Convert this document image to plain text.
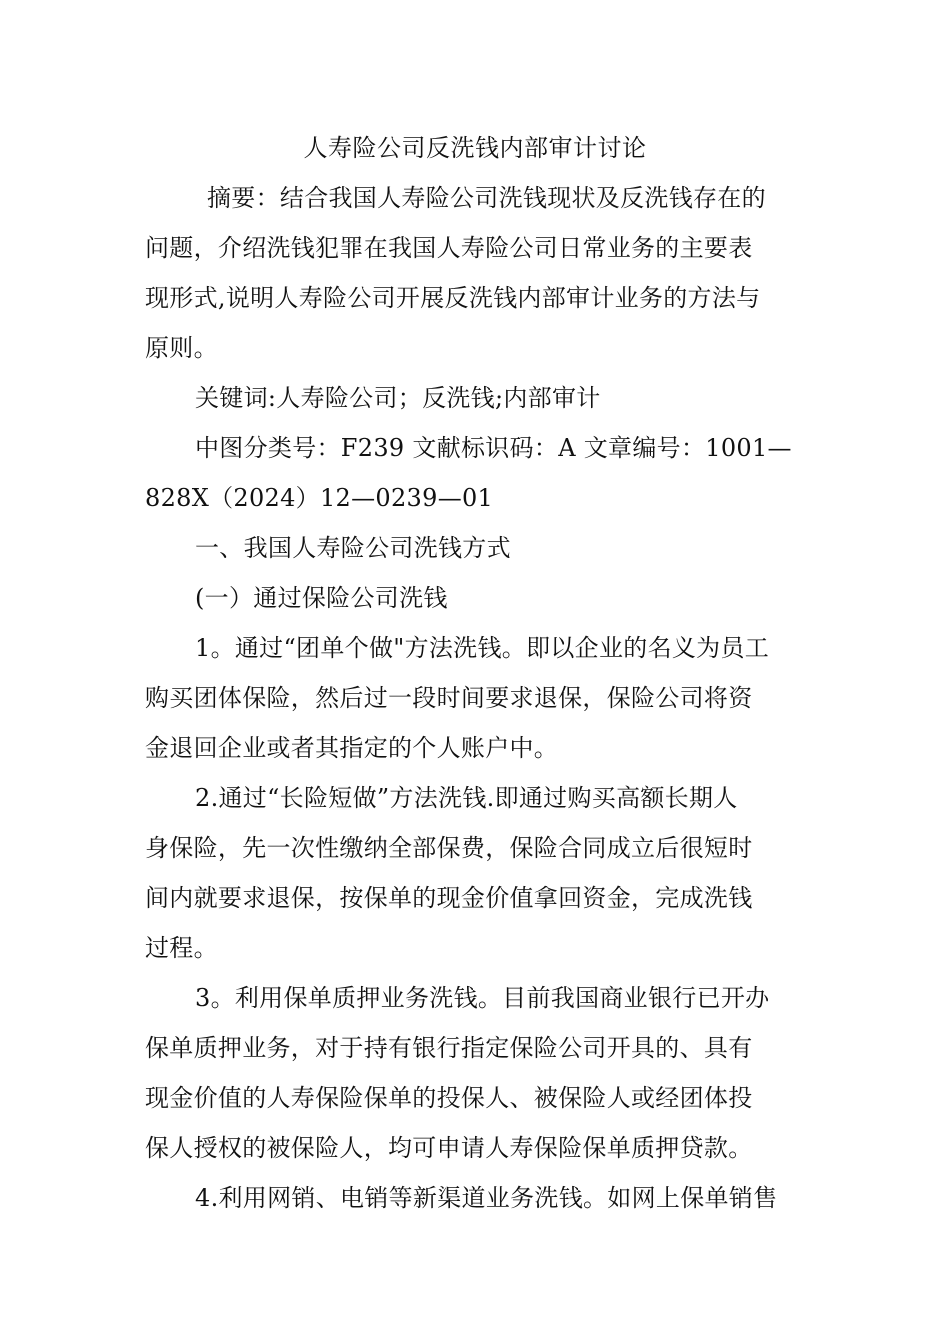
人寿险公司反洗钱内部审计讨论
摘要：结合我国人寿险公司洗钱现状及反洗钱存在的
问题，介绍洗钱犯罪在我国人寿险公司日常业务的主要表
现形式,说明人寿险公司开展反洗钱内部审计业务的方法与
原则。
关键词:人寿险公司；反洗钱;内部审计
中图分类号：F239 文献标识码：A 文章编号：1001—
828X（2024）12—0239—01
一、我国人寿险公司洗钱方式
(一）通过保险公司洗钱
1。通过“团单个做"方法洗钱。即以企业的名义为员工
购买团体保险，然后过一段时间要求退保，保险公司将资
金退回企业或者其指定的个人账户中。
2.通过“长险短做”方法洗钱.即通过购买高额长期人
身保险，先一次性缴纳全部保费，保险合同成立后很短时
间内就要求退保，按保单的现金价值拿回资金，完成洗钱
过程。
3。利用保单质押业务洗钱。目前我国商业银行已开办
保单质押业务，对于持有银行指定保险公司开具的、具有
现金价值的人寿保险保单的投保人、被保险人或经团体投
保人授权的被保险人，均可申请人寿保险保单质押贷款。
4.利用网销、电销等新渠道业务洗钱。如网上保单销售
